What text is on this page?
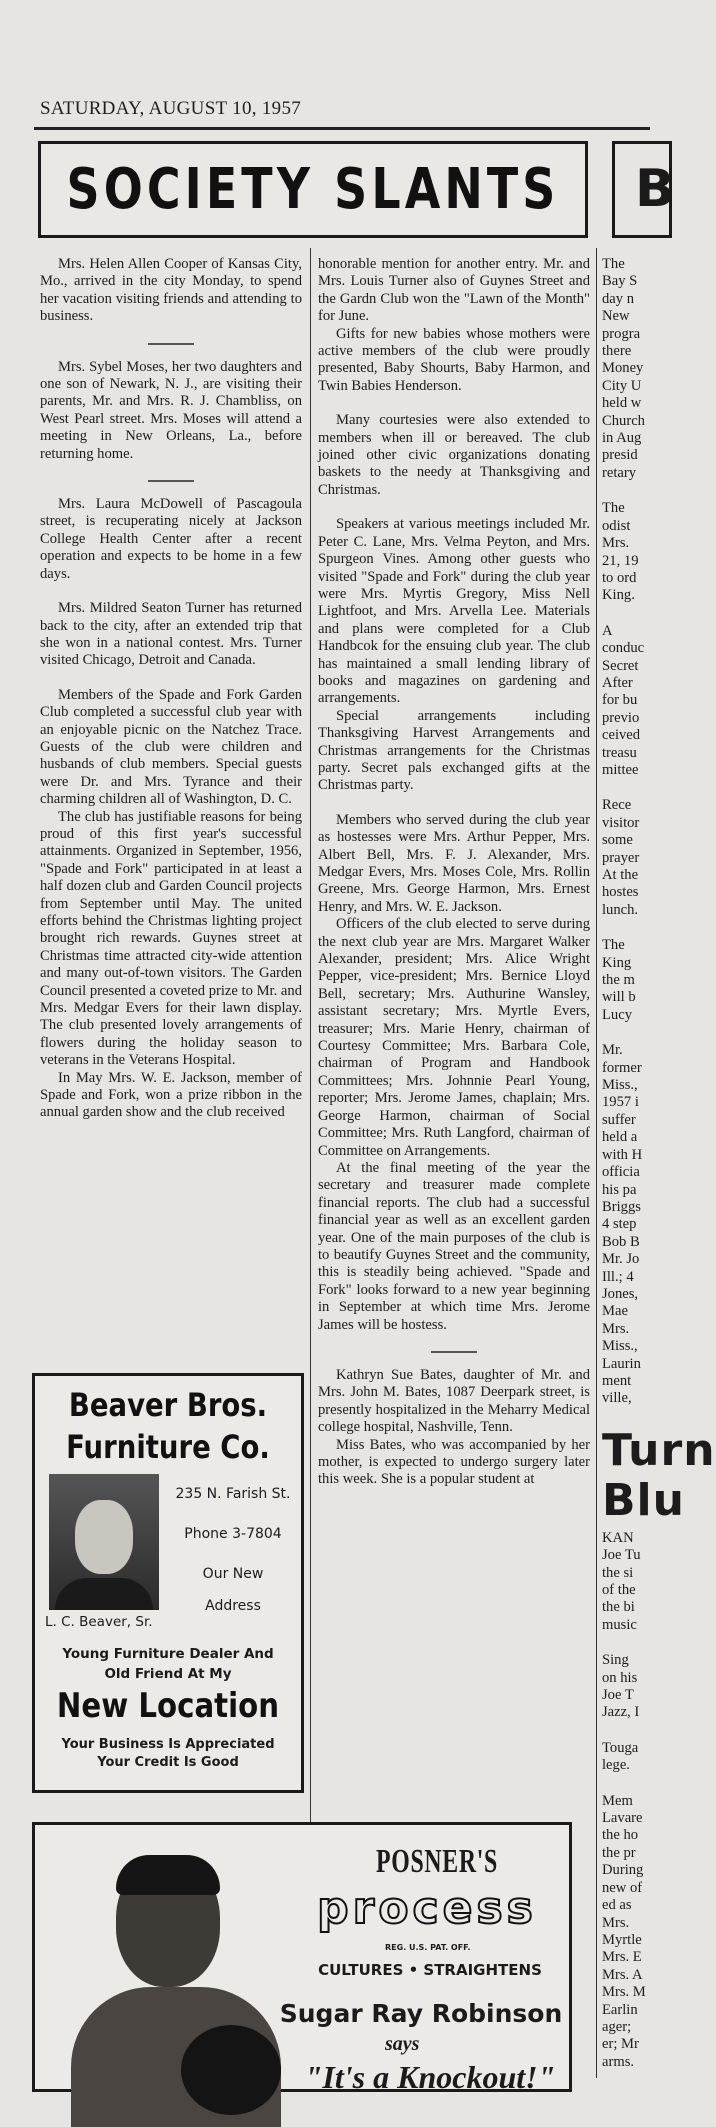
SATURDAY, AUGUST 10, 1957
SOCIETY SLANTS	B

Mrs. Helen Allen Cooper of Kansas City, Mo., arrived in the city Monday, to spend her vacation visiting friends and attending to business.

Mrs. Sybel Moses, her two daughters and one son of Newark, N. J., are visiting their parents, Mr. and Mrs. R. J. Chambliss, on West Pearl street. Mrs. Moses will attend a meeting in New Orleans, La., before returning home.

Mrs. Laura McDowell of Pascagoula street, is recuperating nicely at Jackson College Health Center after a recent operation and expects to be home in a few days.

Mrs. Mildred Seaton Turner has returned back to the city, after an extended trip that she won in a national contest. Mrs. Turner visited Chicago, Detroit and Canada.

Members of the Spade and Fork Garden Club completed a successful club year with an enjoyable picnic on the Natchez Trace. Guests of the club were children and husbands of club members. Special guests were Dr. and Mrs. Tyrance and their charming children all of Washington, D. C.

The club has justifiable reasons for being proud of this first year's successful attainments. Organized in September, 1956, "Spade and Fork" participated in at least a half dozen club and Garden Council projects from September until May. The united efforts behind the Christmas lighting project brought rich rewards. Guynes street at Christmas time attracted city-wide attention and many out-of-town visitors. The Garden Council presented a coveted prize to Mr. and Mrs. Medgar Evers for their lawn display. The club presented lovely arrangements of flowers during the holiday season to veterans in the Veterans Hospital.

In May Mrs. W. E. Jackson, member of Spade and Fork, won a prize ribbon in the annual garden show and the club received

honorable mention for another entry. Mr. and Mrs. Louis Turner also of Guynes Street and the Gardn Club won the "Lawn of the Month" for June.

Gifts for new babies whose mothers were active members of the club were proudly presented, Baby Shourts, Baby Harmon, and Twin Babies Henderson.

Many courtesies were also extended to members when ill or bereaved. The club joined other civic organizations donating baskets to the needy at Thanksgiving and Christmas.

Speakers at various meetings included Mr. Peter C. Lane, Mrs. Velma Peyton, and Mrs. Spurgeon Vines. Among other guests who visited "Spade and Fork" during the club year were Mrs. Myrtis Gregory, Miss Nell Lightfoot, and Mrs. Arvella Lee. Materials and plans were completed for a Club Handbcok for the ensuing club year. The club has maintained a small lending library of books and magazines on gardening and arrangements.

Special arrangements including Thanksgiving Harvest Arrangements and Christmas arrangements for the Christmas party. Secret pals exchanged gifts at the Christmas party.

Members who served during the club year as hostesses were Mrs. Arthur Pepper, Mrs. Albert Bell, Mrs. F. J. Alexander, Mrs. Medgar Evers, Mrs. Moses Cole, Mrs. Rollin Greene, Mrs. George Harmon, Mrs. Ernest Henry, and Mrs. W. E. Jackson.

Officers of the club elected to serve during the next club year are Mrs. Margaret Walker Alexander, president; Mrs. Alice Wright Pepper, vice-president; Mrs. Bernice Lloyd Bell, secretary; Mrs. Authurine Wansley, assistant secretary; Mrs. Myrtle Evers, treasurer; Mrs. Marie Henry, chairman of Courtesy Committee; Mrs. Barbara Cole, chairman of Program and Handbook Committees; Mrs. Johnnie Pearl Young, reporter; Mrs. Jerome James, chaplain; Mrs. George Harmon, chairman of Social Committee; Mrs. Ruth Langford, chairman of Committee on Arrangements.

At the final meeting of the year the secretary and treasurer made complete financial reports. The club had a successful financial year as well as an excellent garden year. One of the main purposes of the club is to beautify Guynes Street and the community, this is steadily being achieved. "Spade and Fork" looks forward to a new year beginning in September at which time Mrs. Jerome James will be hostess.

Kathryn Sue Bates, daughter of Mr. and Mrs. John M. Bates, 1087 Deerpark street, is presently hospitalized in the Meharry Medical college hospital, Nashville, Tenn.

Miss Bates, who was accompanied by her mother, is expected to undergo surgery later this week. She is a popular student at

The
Bay S
day n
New
progra
there
Money
City U
held w
Church
in Aug
presid
retary

The
odist
Mrs.
21, 19
to ord
King.

A
conduc
Secret
After
for bu
previo
ceived
treasu
mittee

Rece
visitor
some
prayer
At the
hostes
lunch.

The
King
the m
will b
Lucy

Mr.
former
Miss.,
1957 i
suffer
held a
with H
officia
his pa
Briggs
4 step
Bob B
Mr. Jo
Ill.; 4
Jones,
Mae
Mrs.
Miss.,
Laurin
ment
ville,

Turn
Blu

KAN
Joe Tu
the si
of the
the bi
music

Sing
on his
Joe T
Jazz, I

Touga
lege.

Mem
Lavare
the ho
the pr
During
new of
ed as
Mrs.
Myrtle
Mrs. E
Mrs. A
Mrs. M
Earlin
ager;
er; Mr
arms.

Beaver Bros.
Furniture Co.
235 N. Farish St.
Phone 3-7804
Our New
Address
L. C. Beaver, Sr.
Young Furniture Dealer And
Old Friend At My
New Location
Your Business Is Appreciated
Your Credit Is Good
POSNER'S
process
REG. U.S. PAT. OFF.
CULTURES • STRAIGHTENS
Sugar Ray Robinson
says
"It's a Knockout!"
